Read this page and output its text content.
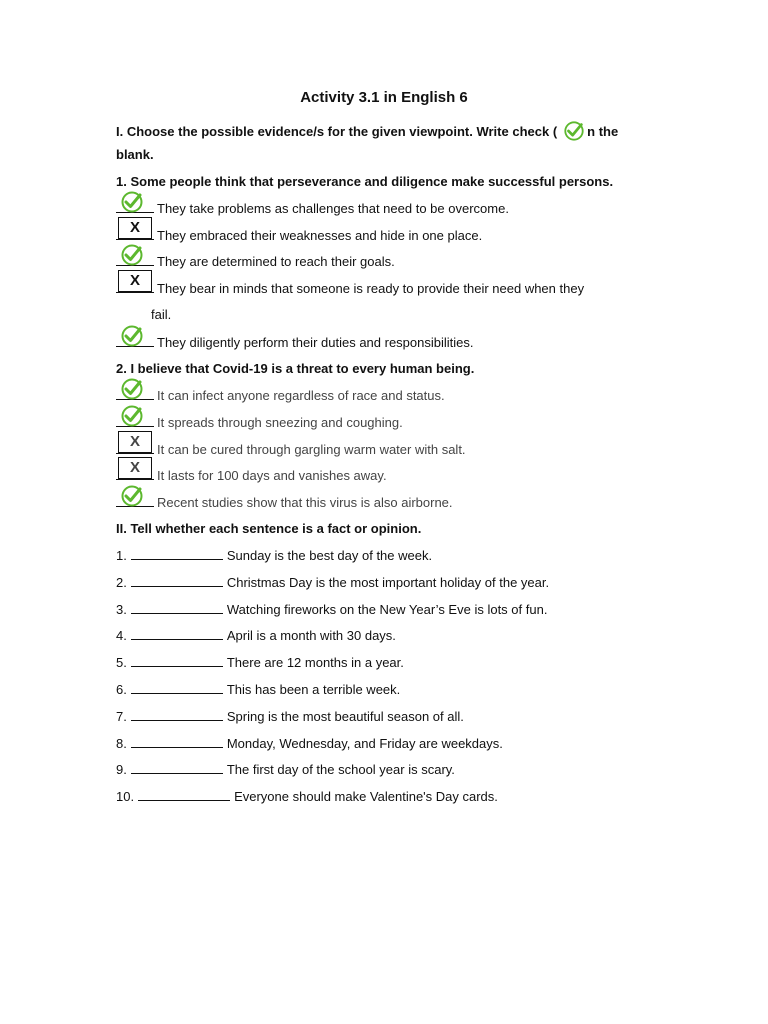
Activity 3.1 in English 6
I. Choose the possible evidence/s for the given viewpoint. Write check ( n the
blank.
1. Some people think that perseverance and diligence make successful persons.
They take problems as challenges that need to be overcome.
X	They embraced their weaknesses and hide in one place.
They are determined to reach their goals.
X	They bear in minds that someone is ready to provide their need when they
They diligently perform their duties and responsibilities.
fail.
2. I believe that Covid-19 is a threat to every human being.
It can infect anyone regardless of race and status.
It spreads through sneezing and coughing.
X	It can be cured through gargling warm water with salt.
X	It lasts for 100 days and vanishes away.
Recent studies show that this virus is also airborne.
II. Tell whether each sentence is a fact or opinion.
1.	Sunday is the best day of the week.
2.	Christmas Day is the most important holiday of the year.
3.	Watching fireworks on the New Year’s Eve is lots of fun.
4.	April is a month with 30 days.
5.	There are 12 months in a year.
6.	This has been a terrible week.
7.	Spring is the most beautiful season of all.
8.	Monday, Wednesday, and Friday are weekdays.
9.	The first day of the school year is scary.
10.	Everyone should make Valentine's Day cards.
